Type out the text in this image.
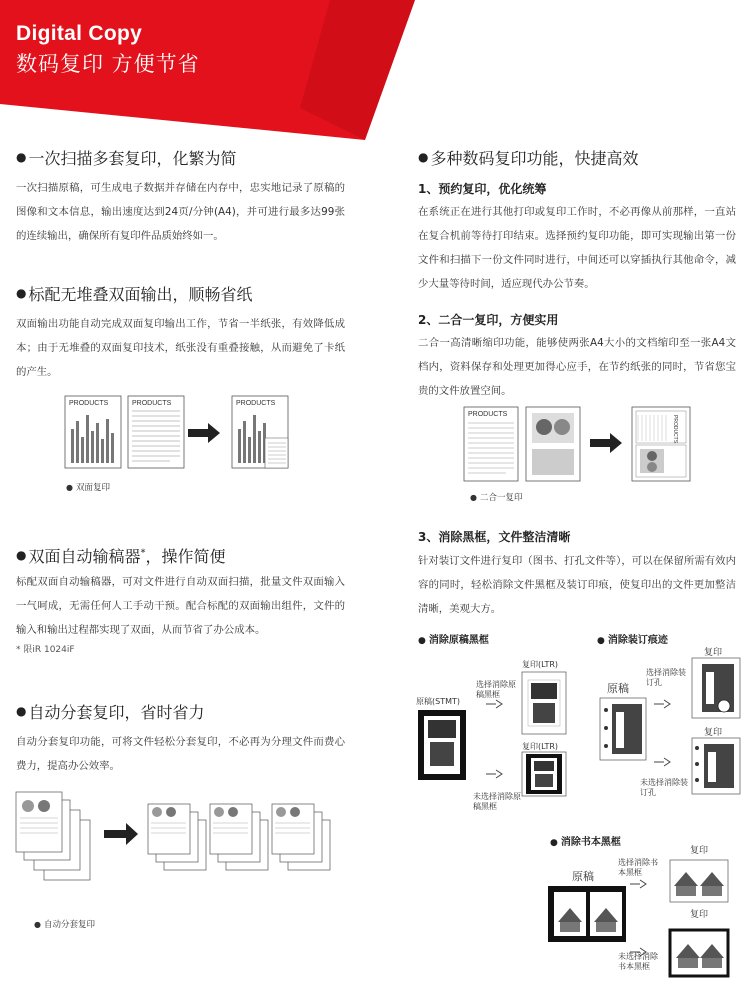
Digital Copy
数码复印 方便节省
● 一次扫描多套复印，化繁为简
一次扫描原稿，可生成电子数据并存储在内存中，忠实地记录了原稿的图像和文本信息，输出速度达到24页/分钟(A4)，并可进行最多达99张的连续输出，确保所有复印件品质始终如一。
● 标配无堆叠双面输出，顺畅省纸
双面输出功能自动完成双面复印输出工作，节省一半纸张，有效降低成本；由于无堆叠的双面复印技术，纸张没有重叠接触，从而避免了卡纸的产生。
PRODUCTS	PRODUCTS	PRODUCTS
● 双面复印
● 双面自动输稿器*，操作简便
标配双面自动输稿器，可对文件进行自动双面扫描，批量文件双面输入一气呵成，无需任何人工手动干预。配合标配的双面输出组件，文件的输入和输出过程都实现了双面，从而节省了办公成本。
* 限iR 1024iF
● 自动分套复印，省时省力
自动分套复印功能，可将文件轻松分套复印，不必再为分理文件而费心费力，提高办公效率。
● 自动分套复印
● 多种数码复印功能，快捷高效
1、预约复印，优化统筹
在系统正在进行其他打印或复印工作时，不必再像从前那样，一直站在复合机前等待打印结束。选择预约复印功能，即可实现输出第一份文件和扫描下一份文件同时进行，中间还可以穿插执行其他命令，减少大量等待时间，适应现代办公节奏。
2、二合一复印，方便实用
二合一高清晰缩印功能，能够使两张A4大小的文档缩印至一张A4文档内，资料保存和处理更加得心应手，在节约纸张的同时，节省您宝贵的文件放置空间。
PRODUCTS
PRODUCTS
● 二合一复印
3、消除黑框，文件整洁清晰
针对装订文件进行复印（图书、打孔文件等），可以在保留所需有效内容的同时，轻松消除文件黑框及装订印痕，使复印出的文件更加整洁清晰，美观大方。
● 消除原稿黑框
复印(LTR)
选择消除原稿黑框
原稿(STMT)
复印(LTR)
未选择消除原稿黑框
● 消除装订痕迹
复印
选择消除装订孔
原稿
复印
未选择消除装订孔
● 消除书本黑框
复印
选择消除书本黑框
原稿
复印
未选择消除书本黑框
